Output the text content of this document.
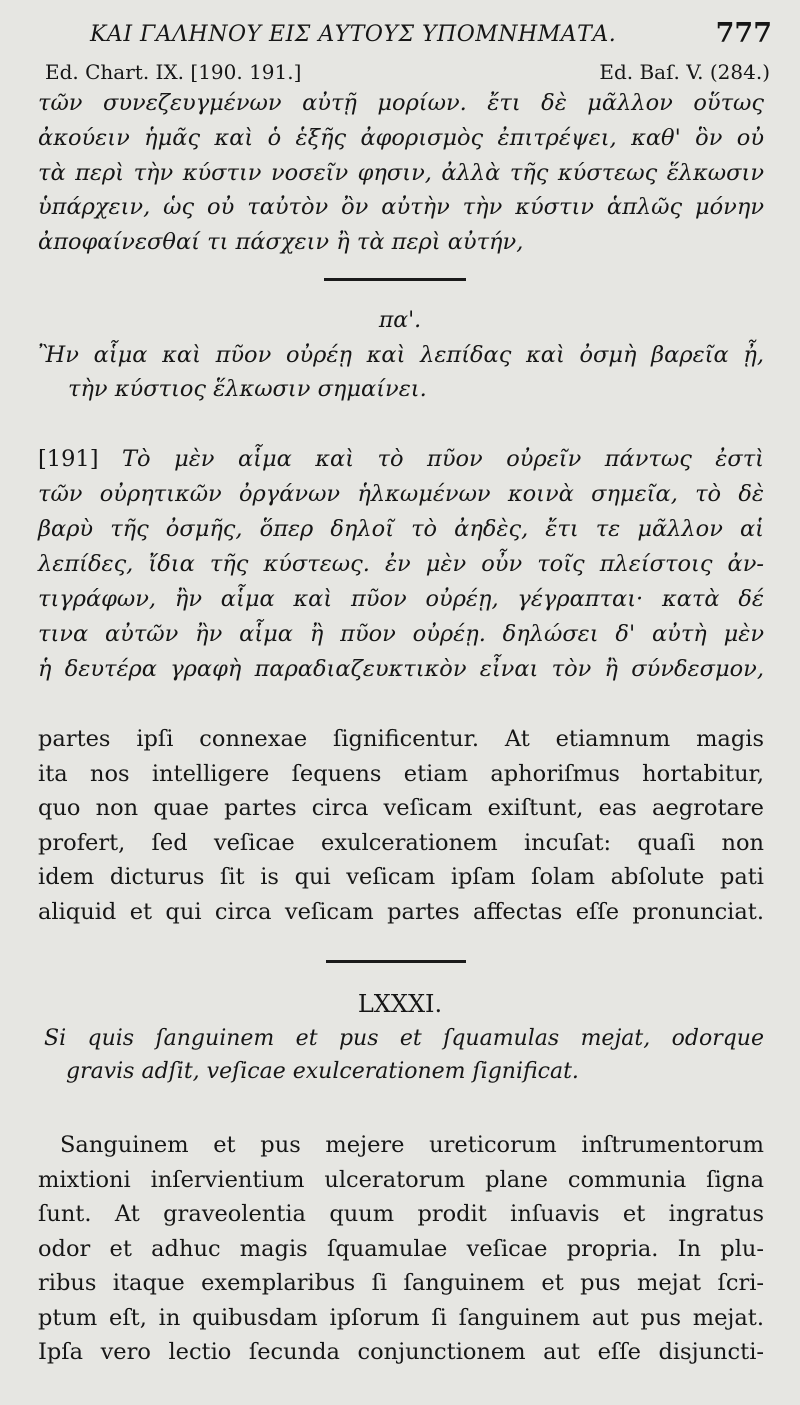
ΚΑΙ ΓΑΛΗΝΟΥ ΕΙΣ ΑΥΤΟΥΣ ΥΠΟΜΝΗΜΑΤΑ.	777
Ed. Chart. IX. [190. 191.]	Ed. Baſ. V. (284.)
τῶν συνεζευγμένων αὐτῇ μορίων. ἔτι δὲ μᾶλλον οὕτως
ἀκούειν ἡμᾶς καὶ ὁ ἑξῆς ἀφορισμὸς ἐπιτρέψει, καθ' ὃν οὐ
τὰ περὶ τὴν κύστιν νοσεῖν φησιν, ἀλλὰ τῆς κύστεως ἕλκωσιν
ὑπάρχειν, ὡς οὐ ταὐτὸν ὂν αὐτὴν τὴν κύστιν ἁπλῶς μόνην
ἀποφαίνεσθαί τι πάσχειν ἢ τὰ περὶ αὐτήν,
πα'.
Ἢν αἷμα καὶ πῦον οὐρέῃ καὶ λεπίδας καὶ ὀσμὴ βαρεῖα ᾖ,
τὴν κύστιος ἕλκωσιν σημαίνει.
[191] Τὸ μὲν αἷμα καὶ τὸ πῦον οὐρεῖν πάντως ἐστὶ
τῶν οὐρητικῶν ὀργάνων ἡλκωμένων κοινὰ σημεῖα, τὸ δὲ
βαρὺ τῆς ὀσμῆς, ὅπερ δηλοῖ τὸ ἀηδὲς, ἔτι τε μᾶλλον αἱ
λεπίδες, ἴδια τῆς κύστεως. ἐν μὲν οὖν τοῖς πλείστοις ἀν-
τιγράφων, ἢν αἷμα καὶ πῦον οὐρέῃ, γέγραπται· κατὰ δέ
τινα αὐτῶν ἢν αἷμα ἢ πῦον οὐρέῃ. δηλώσει δ' αὐτὴ μὲν
ἡ δευτέρα γραφὴ παραδιαζευκτικὸν εἶναι τὸν ἢ σύνδεσμον,
partes ipſi connexae ſignificentur. At etiamnum magis
ita nos intelligere ſequens etiam aphoriſmus hortabitur,
quo non quae partes circa veſicam exiſtunt, eas aegrotare
profert, ſed veſicae exulcerationem incuſat: quaſi non
idem dicturus ſit is qui veſicam ipſam ſolam abſolute pati
aliquid et qui circa veſicam partes affectas eſſe pronunciat.
LXXXI.
Si quis ſanguinem et pus et ſquamulas mejat, odorque
gravis adſit, veſicae exulcerationem ſignificat.
Sanguinem et pus mejere ureticorum inſtrumentorum
mixtioni inſervientium ulceratorum plane communia ſigna
ſunt. At graveolentia quum prodit inſuavis et ingratus
odor et adhuc magis ſquamulae veſicae propria. In plu-
ribus itaque exemplaribus ſi ſanguinem et pus mejat ſcri-
ptum eſt, in quibusdam ipſorum ſi ſanguinem aut pus mejat.
Ipſa vero lectio ſecunda conjunctionem aut eſſe disjuncti-
